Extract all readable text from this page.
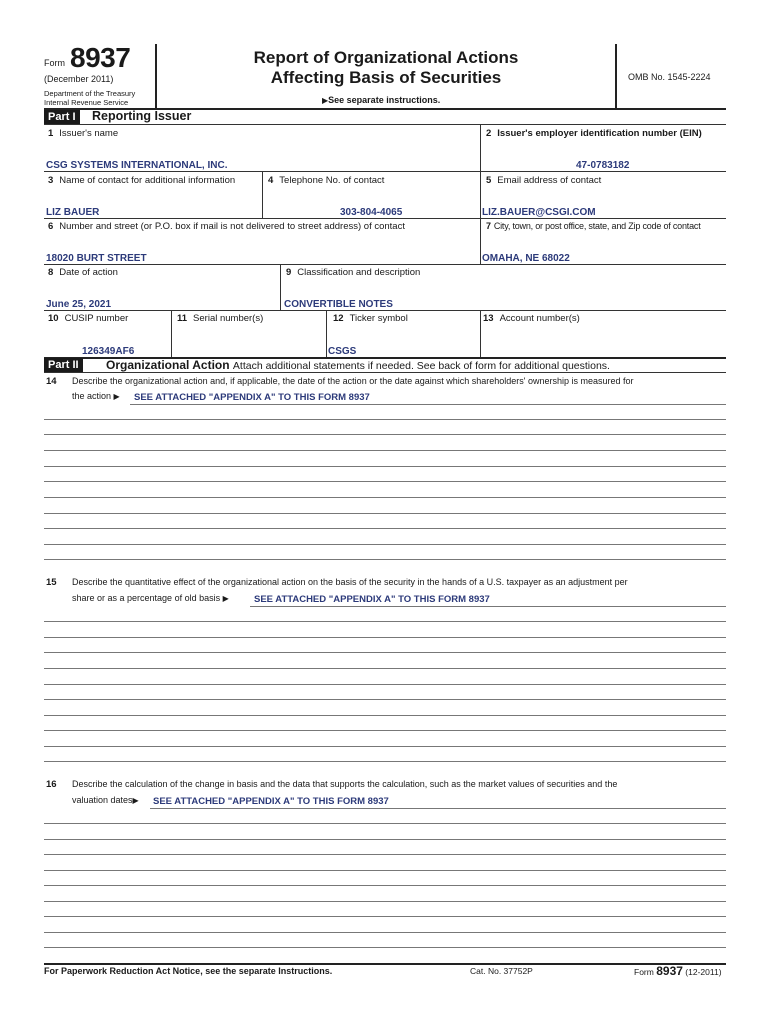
Form 8937
(December 2011)
Department of the Treasury
Internal Revenue Service
Report of Organizational Actions
Affecting Basis of Securities
▶See separate instructions.
OMB No. 1545-2224
Part I	Reporting Issuer
1 Issuer's name
CSG SYSTEMS INTERNATIONAL, INC.
2 Issuer's employer identification number (EIN)
47-0783182
3 Name of contact for additional information
LIZ BAUER
4 Telephone No. of contact
303-804-4065
5 Email address of contact
LIZ.BAUER@CSGI.COM
6 Number and street (or P.O. box if mail is not delivered to street address) of contact
18020 BURT STREET
7 City, town, or post office, state, and Zip code of contact
OMAHA, NE 68022
8 Date of action
June 25, 2021
9 Classification and description
CONVERTIBLE NOTES
10 CUSIP number
126349AF6
11 Serial number(s)	12 Ticker symbol
CSGS
13 Account number(s)
Part II	Organizational Action Attach additional statements if needed. See back of form for additional questions.
14 Describe the organizational action and, if applicable, the date of the action or the date against which shareholders' ownership is measured for
the action ▶ SEE ATTACHED "APPENDIX A" TO THIS FORM 8937
15 Describe the quantitative effect of the organizational action on the basis of the security in the hands of a U.S. taxpayer as an adjustment per
share or as a percentage of old basis ▶	SEE ATTACHED "APPENDIX A" TO THIS FORM 8937
16 Describe the calculation of the change in basis and the data that supports the calculation, such as the market values of securities and the
valuation dates▶ SEE ATTACHED "APPENDIX A" TO THIS FORM 8937
For Paperwork Reduction Act Notice, see the separate Instructions.	Cat. No. 37752P	Form 8937 (12-2011)
